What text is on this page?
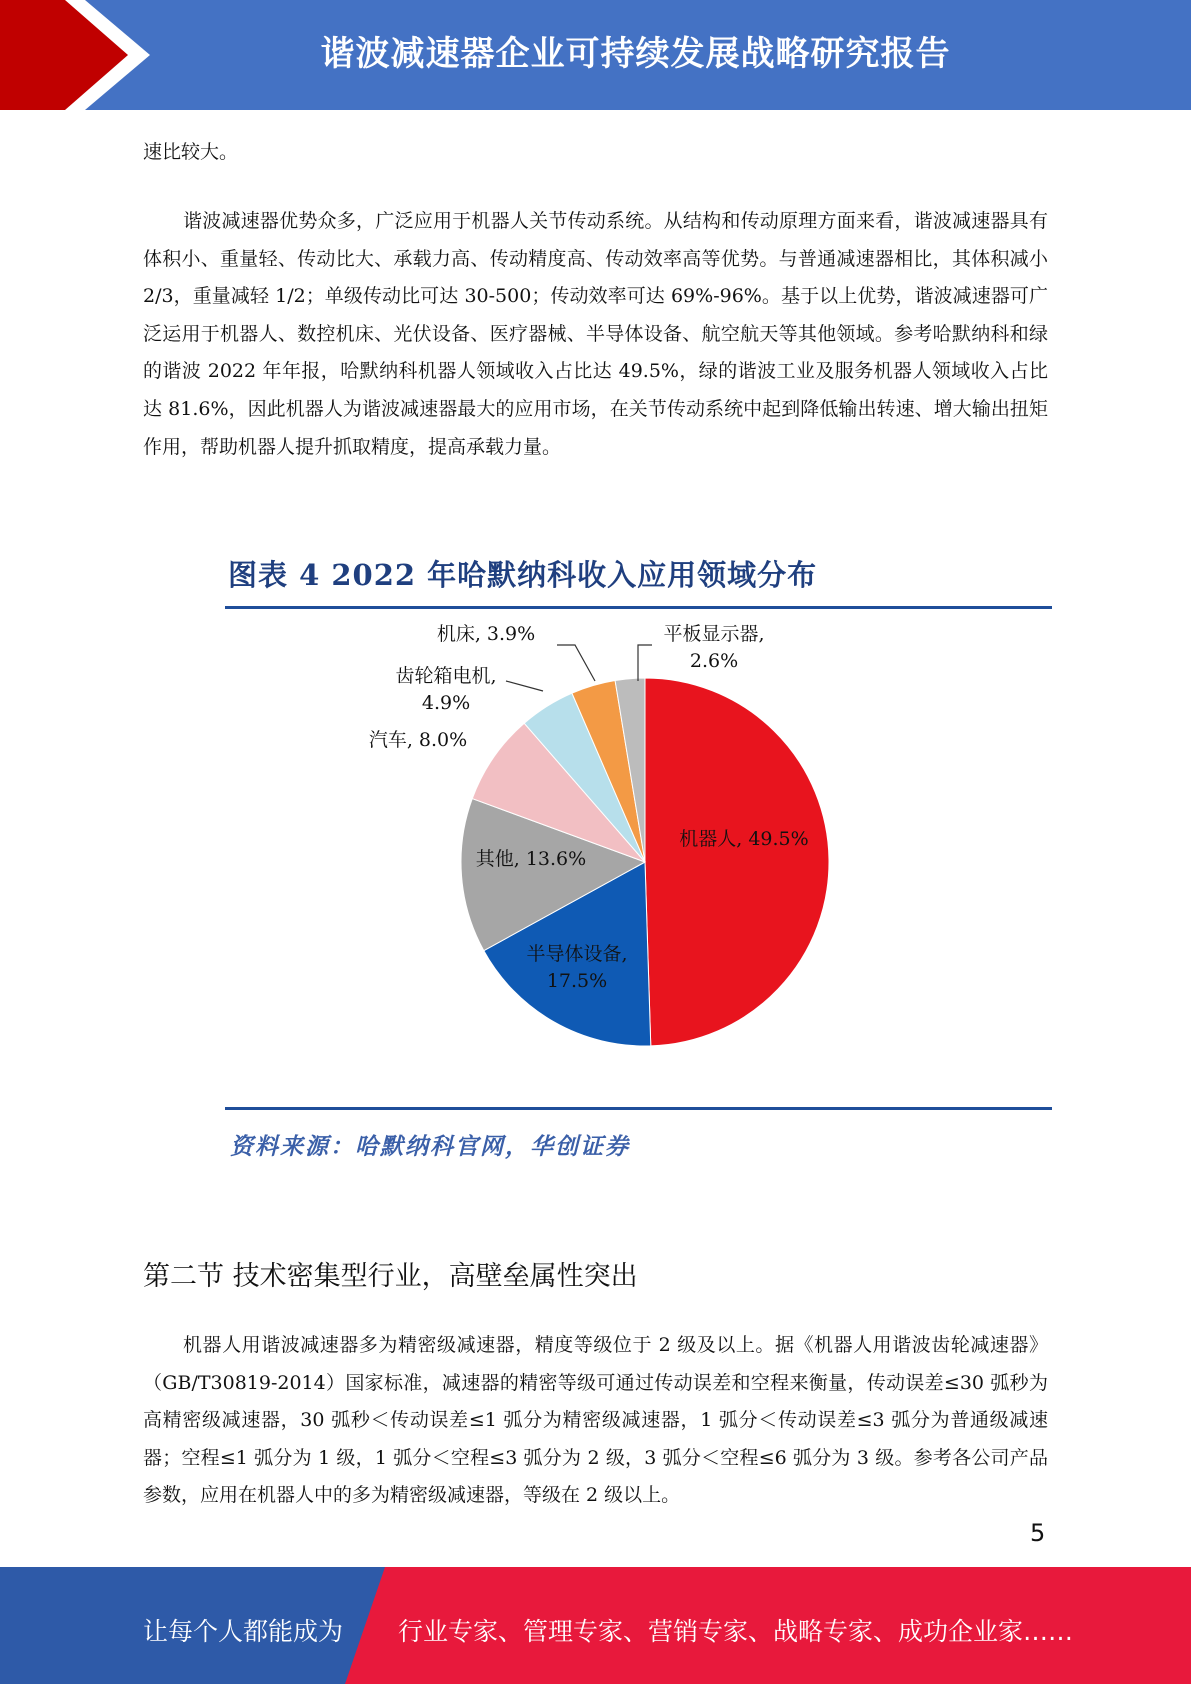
谐波减速器企业可持续发展战略研究报告

速比较大。

谐波减速器优势众多，广泛应用于机器人关节传动系统。从结构和传动原理方面来看，谐波减速器具有体积小、重量轻、传动比大、承载力高、传动精度高、传动效率高等优势。与普通减速器相比，其体积减小 2/3，重量减轻 1/2；单级传动比可达 30-500；传动效率可达 69%-96%。基于以上优势，谐波减速器可广泛运用于机器人、数控机床、光伏设备、医疗器械、半导体设备、航空航天等其他领域。参考哈默纳科和绿的谐波 2022 年年报，哈默纳科机器人领域收入占比达 49.5%，绿的谐波工业及服务机器人领域收入占比达 81.6%，因此机器人为谐波减速器最大的应用市场，在关节传动系统中起到降低输出转速、增大输出扭矩作用，帮助机器人提升抓取精度，提高承载力量。

图表 4 2022 年哈默纳科收入应用领域分布
机器人, 49.5%
半导体设备, 17.5%
其他, 13.6%
汽车, 8.0%
齿轮箱电机, 4.9%
机床, 3.9%	平板显示器, 2.6%
资料来源：哈默纳科官网，华创证券
第二节 技术密集型行业，高壁垒属性突出

机器人用谐波减速器多为精密级减速器，精度等级位于 2 级及以上。据《机器人用谐波齿轮减速器》（GB/T30819-2014）国家标准，减速器的精密等级可通过传动误差和空程来衡量，传动误差≤30 弧秒为高精密级减速器，30 弧秒＜传动误差≤1 弧分为精密级减速器，1 弧分＜传动误差≤3 弧分为普通级减速器；空程≤1 弧分为 1 级，1 弧分＜空程≤3 弧分为 2 级，3 弧分＜空程≤6 弧分为 3 级。参考各公司产品参数，应用在机器人中的多为精密级减速器，等级在 2 级以上。

5
让每个人都能成为 行业专家、管理专家、营销专家、战略专家、成功企业家……
